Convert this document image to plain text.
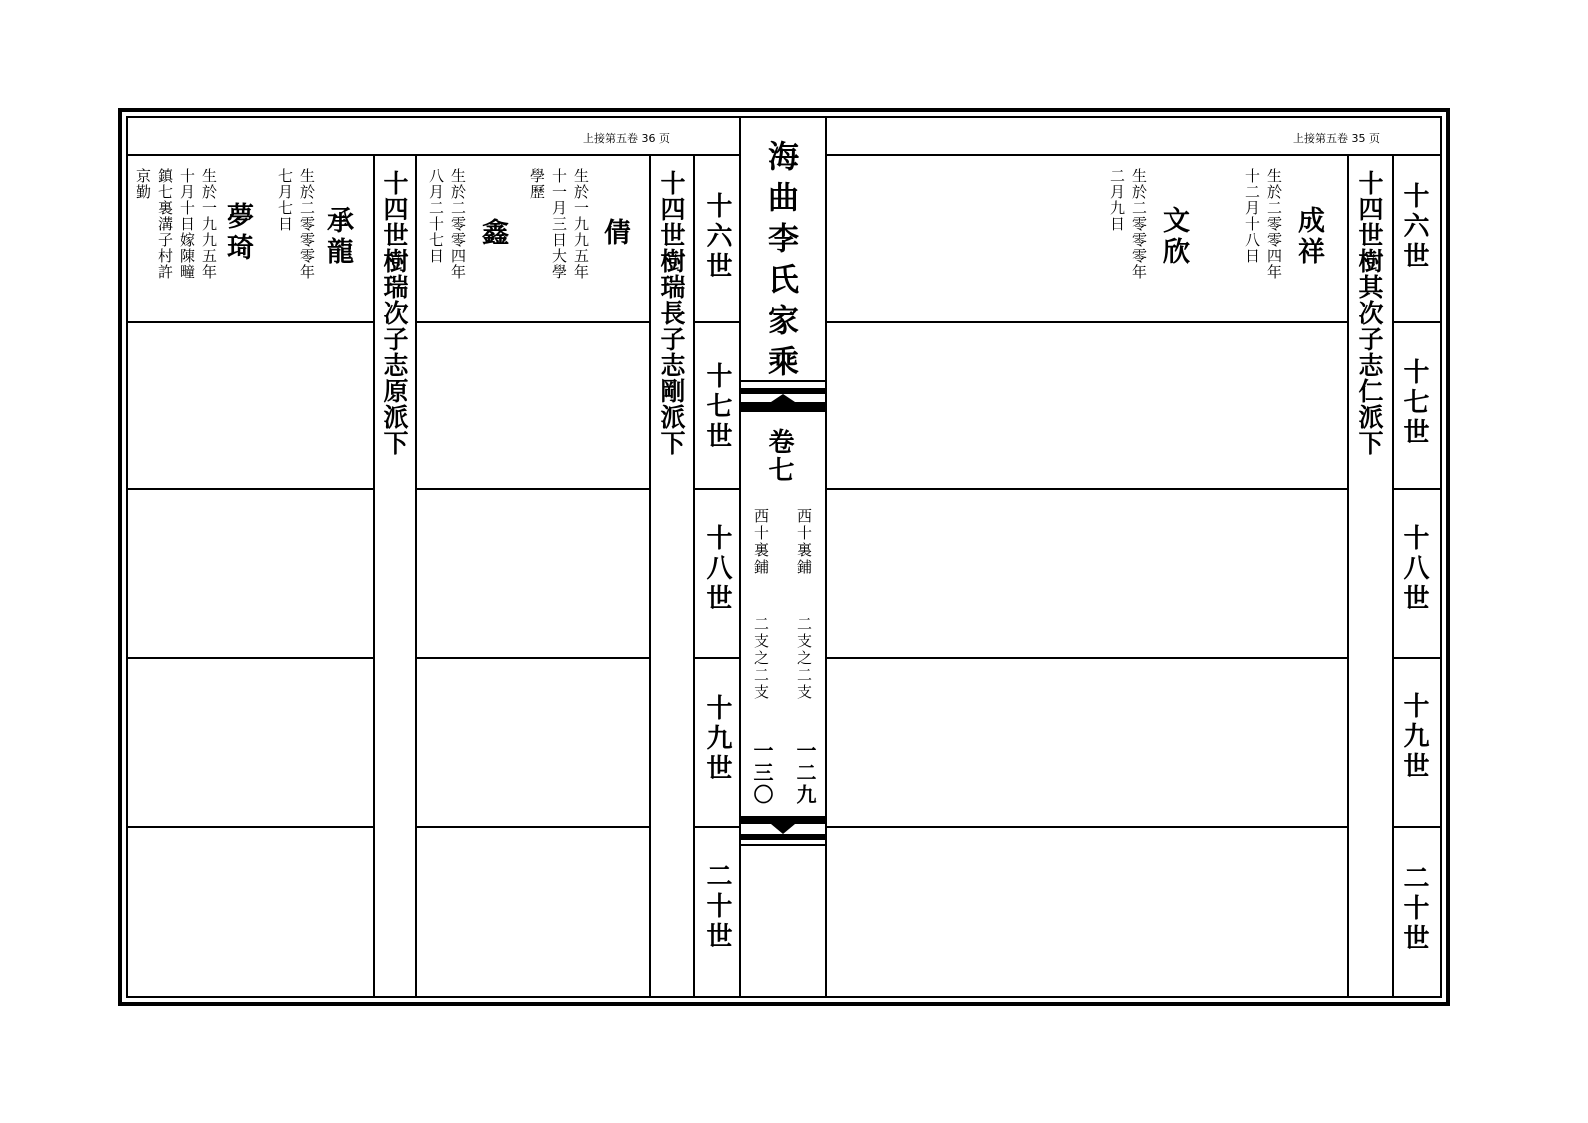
海曲李氏家乘
卷七
西十裏鋪
西十裏鋪
二支之二支
二支之二支
一二九
一三〇
上接第五卷 36 页	上接第五卷 35 页
十六世
十七世
十八世
十九世
二十世
十六世
十七世
十八世
十九世
二十世
十四世樹瑞長子志剛派下
十四世樹瑞次子志原派下	十四世樹其次子志仁派下
倩
生於一九九五年
十一月三日大學
學歷
鑫
生於二零零四年
八月二十七日
承龍
生於二零零零年
七月七日
夢琦
生於一九九五年
十月十日嫁陳疃
鎮七裏溝子村許
京勤
成祥
生於二零零四年
十二月十八日
文欣
生於二零零零年
二月九日
